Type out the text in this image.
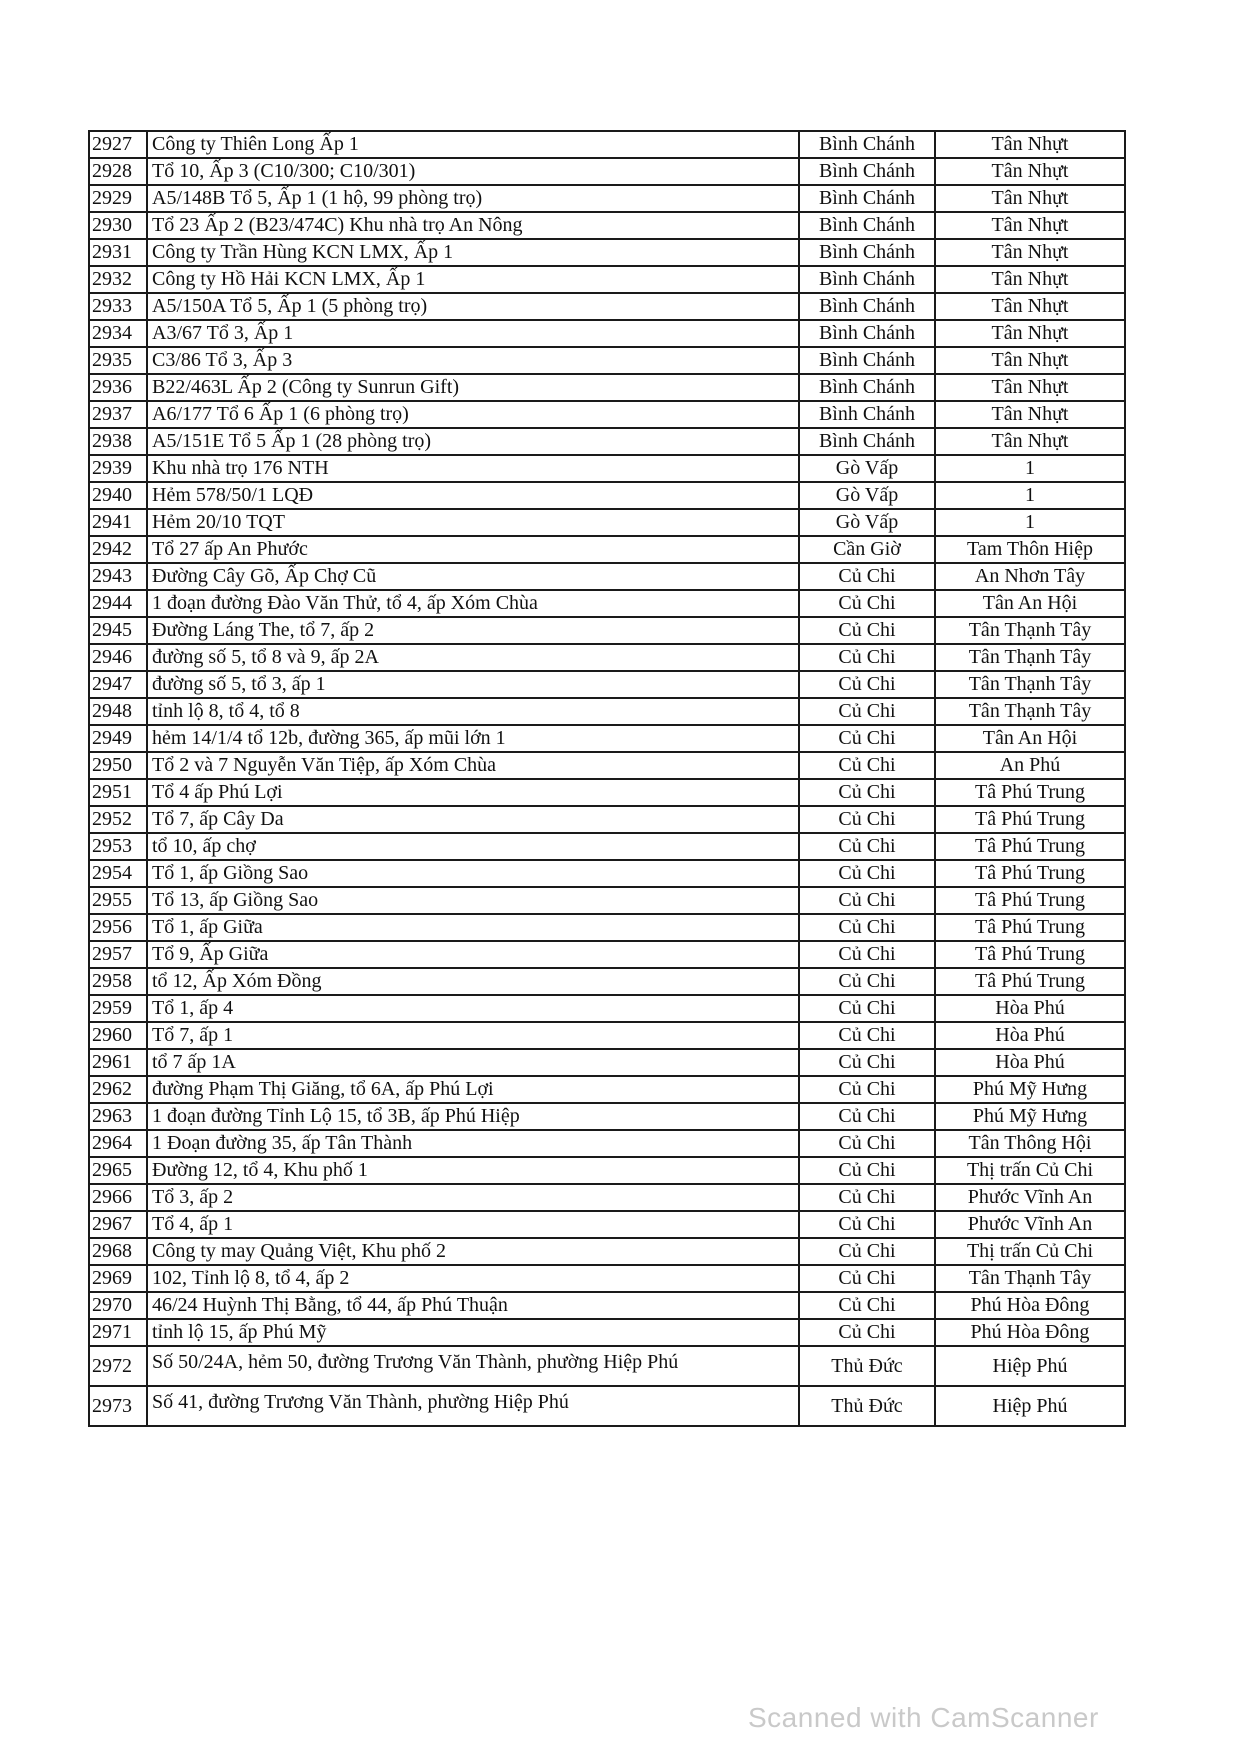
2927	Công ty Thiên Long Ấp 1	Bình Chánh	Tân Nhựt
2928	Tổ 10, Ấp 3 (C10/300; C10/301)	Bình Chánh	Tân Nhựt
2929	A5/148B Tổ 5, Ấp 1 (1 hộ, 99 phòng trọ)	Bình Chánh	Tân Nhựt
2930	Tổ 23 Ấp 2 (B23/474C) Khu nhà trọ An Nông	Bình Chánh	Tân Nhựt
2931	Công ty Trần Hùng KCN LMX, Ấp 1	Bình Chánh	Tân Nhựt
2932	Công ty Hồ Hải KCN LMX, Ấp 1	Bình Chánh	Tân Nhựt
2933	A5/150A Tổ 5, Ấp 1 (5 phòng trọ)	Bình Chánh	Tân Nhựt
2934	A3/67 Tổ 3, Ấp 1	Bình Chánh	Tân Nhựt
2935	C3/86 Tổ 3, Ấp 3	Bình Chánh	Tân Nhựt
2936	B22/463L Ấp 2 (Công ty Sunrun Gift)	Bình Chánh	Tân Nhựt
2937	A6/177 Tổ 6 Ấp 1 (6 phòng trọ)	Bình Chánh	Tân Nhựt
2938	A5/151E Tổ 5 Ấp 1 (28 phòng trọ)	Bình Chánh	Tân Nhựt
2939	Khu nhà trọ 176 NTH	Gò Vấp	1
2940	Hẻm 578/50/1 LQĐ	Gò Vấp	1
2941	Hẻm 20/10 TQT	Gò Vấp	1
2942	Tổ 27 ấp An Phước	Cần Giờ	Tam Thôn Hiệp
2943	Đường Cây Gõ, Ấp Chợ Cũ	Củ Chi	An Nhơn Tây
2944	1 đoạn đường Đào Văn Thử, tổ 4, ấp Xóm Chùa	Củ Chi	Tân An Hội
2945	Đường Láng The, tổ 7, ấp 2	Củ Chi	Tân Thạnh Tây
2946	đường số 5, tổ 8 và 9, ấp 2A	Củ Chi	Tân Thạnh Tây
2947	đường số 5, tổ 3, ấp 1	Củ Chi	Tân Thạnh Tây
2948	tỉnh lộ 8, tổ 4, tổ 8	Củ Chi	Tân Thạnh Tây
2949	hẻm 14/1/4 tổ 12b, đường 365, ấp mũi lớn 1	Củ Chi	Tân An Hội
2950	Tổ 2 và 7 Nguyễn Văn Tiệp, ấp Xóm Chùa	Củ Chi	An Phú
2951	Tổ 4 ấp Phú Lợi	Củ Chi	Tâ Phú Trung
2952	Tổ 7, ấp Cây Da	Củ Chi	Tâ Phú Trung
2953	tổ 10, ấp chợ	Củ Chi	Tâ Phú Trung
2954	Tổ 1, ấp Giồng Sao	Củ Chi	Tâ Phú Trung
2955	Tổ 13, ấp Giồng Sao	Củ Chi	Tâ Phú Trung
2956	Tổ 1, ấp Giữa	Củ Chi	Tâ Phú Trung
2957	Tổ 9, Ấp Giữa	Củ Chi	Tâ Phú Trung
2958	tổ 12, Ấp Xóm Đồng	Củ Chi	Tâ Phú Trung
2959	Tổ 1, ấp 4	Củ Chi	Hòa Phú
2960	Tổ 7, ấp 1	Củ Chi	Hòa Phú
2961	tổ 7 ấp 1A	Củ Chi	Hòa Phú
2962	đường Phạm Thị Giăng, tổ 6A, ấp Phú Lợi	Củ Chi	Phú Mỹ Hưng
2963	1 đoạn đường Tỉnh Lộ 15, tổ 3B, ấp Phú Hiệp	Củ Chi	Phú Mỹ Hưng
2964	1 Đoạn đường 35, ấp Tân Thành	Củ Chi	Tân Thông Hội
2965	Đường 12, tổ 4, Khu phố 1	Củ Chi	Thị trấn Củ Chi
2966	Tổ 3, ấp 2	Củ Chi	Phước Vĩnh An
2967	Tổ 4, ấp 1	Củ Chi	Phước Vĩnh An
2968	Công ty may Quảng Việt, Khu phố 2	Củ Chi	Thị trấn Củ Chi
2969	102, Tỉnh lộ 8, tổ 4, ấp 2	Củ Chi	Tân Thạnh Tây
2970	46/24 Huỳnh Thị Bằng, tổ 44, ấp Phú Thuận	Củ Chi	Phú Hòa Đông
2971	tỉnh lộ 15, ấp Phú Mỹ	Củ Chi	Phú Hòa Đông
2972	Số 50/24A, hẻm 50, đường Trương Văn Thành, phường Hiệp Phú	Thủ Đức	Hiệp Phú
2973	Số 41, đường Trương Văn Thành, phường Hiệp Phú	Thủ Đức	Hiệp Phú
Scanned with CamScanner
